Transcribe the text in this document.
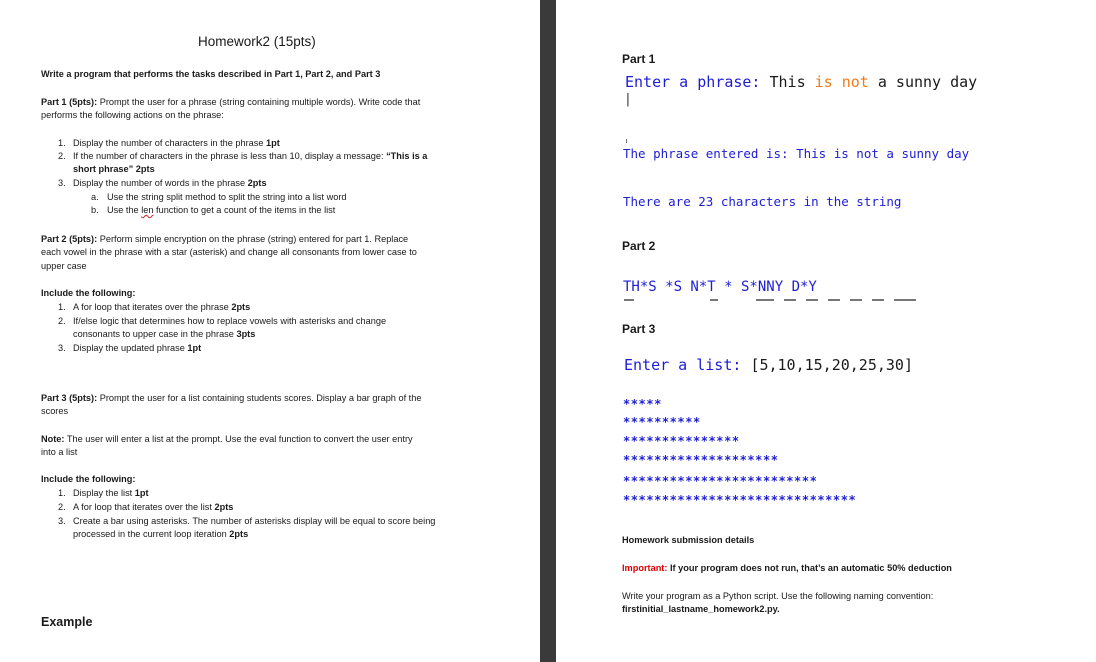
Homework2 (15pts)
Write a program that performs the tasks described in Part 1, Part 2, and Part 3
Part 1 (5pts): Prompt the user for a phrase (string containing multiple words). Write code that
performs the following actions on the phrase:
1. Display the number of characters in the phrase 1pt
2. If the number of characters in the phrase is less than 10, display a message: “This is a
short phrase” 2pts
3. Display the number of words in the phrase 2pts
a. Use the string split method to split the string into a list word
b. Use the len function to get a count of the items in the list
Part 2 (5pts): Perform simple encryption on the phrase (string) entered for part 1. Replace
each vowel in the phrase with a star (asterisk) and change all consonants from lower case to
upper case
Include the following:
1. A for loop that iterates over the phrase 2pts
2. If/else logic that determines how to replace vowels with asterisks and change
consonants to upper case in the phrase 3pts
3. Display the updated phrase 1pt
Part 3 (5pts): Prompt the user for a list containing students scores. Display a bar graph of the
scores
Note: The user will enter a list at the prompt. Use the eval function to convert the user entry
into a list
Include the following:
1. Display the list 1pt
2. A for loop that iterates over the list 2pts
3. Create a bar using asterisks. The number of asterisks display will be equal to score being
processed in the current loop iteration 2pts
Example
Part 1
Enter a phrase: This is not a sunny day
|
The phrase entered is: This is not a sunny day
There are 23 characters in the string
Part 2
TH*S *S N*T * S*NNY D*Y
Part 3
Enter a list: [5,10,15,20,25,30]
*****
**********
***************
********************
*************************
******************************
Homework submission details
Important: If your program does not run, that’s an automatic 50% deduction
Write your program as a Python script. Use the following naming convention:
firstinitial_lastname_homework2.py.
